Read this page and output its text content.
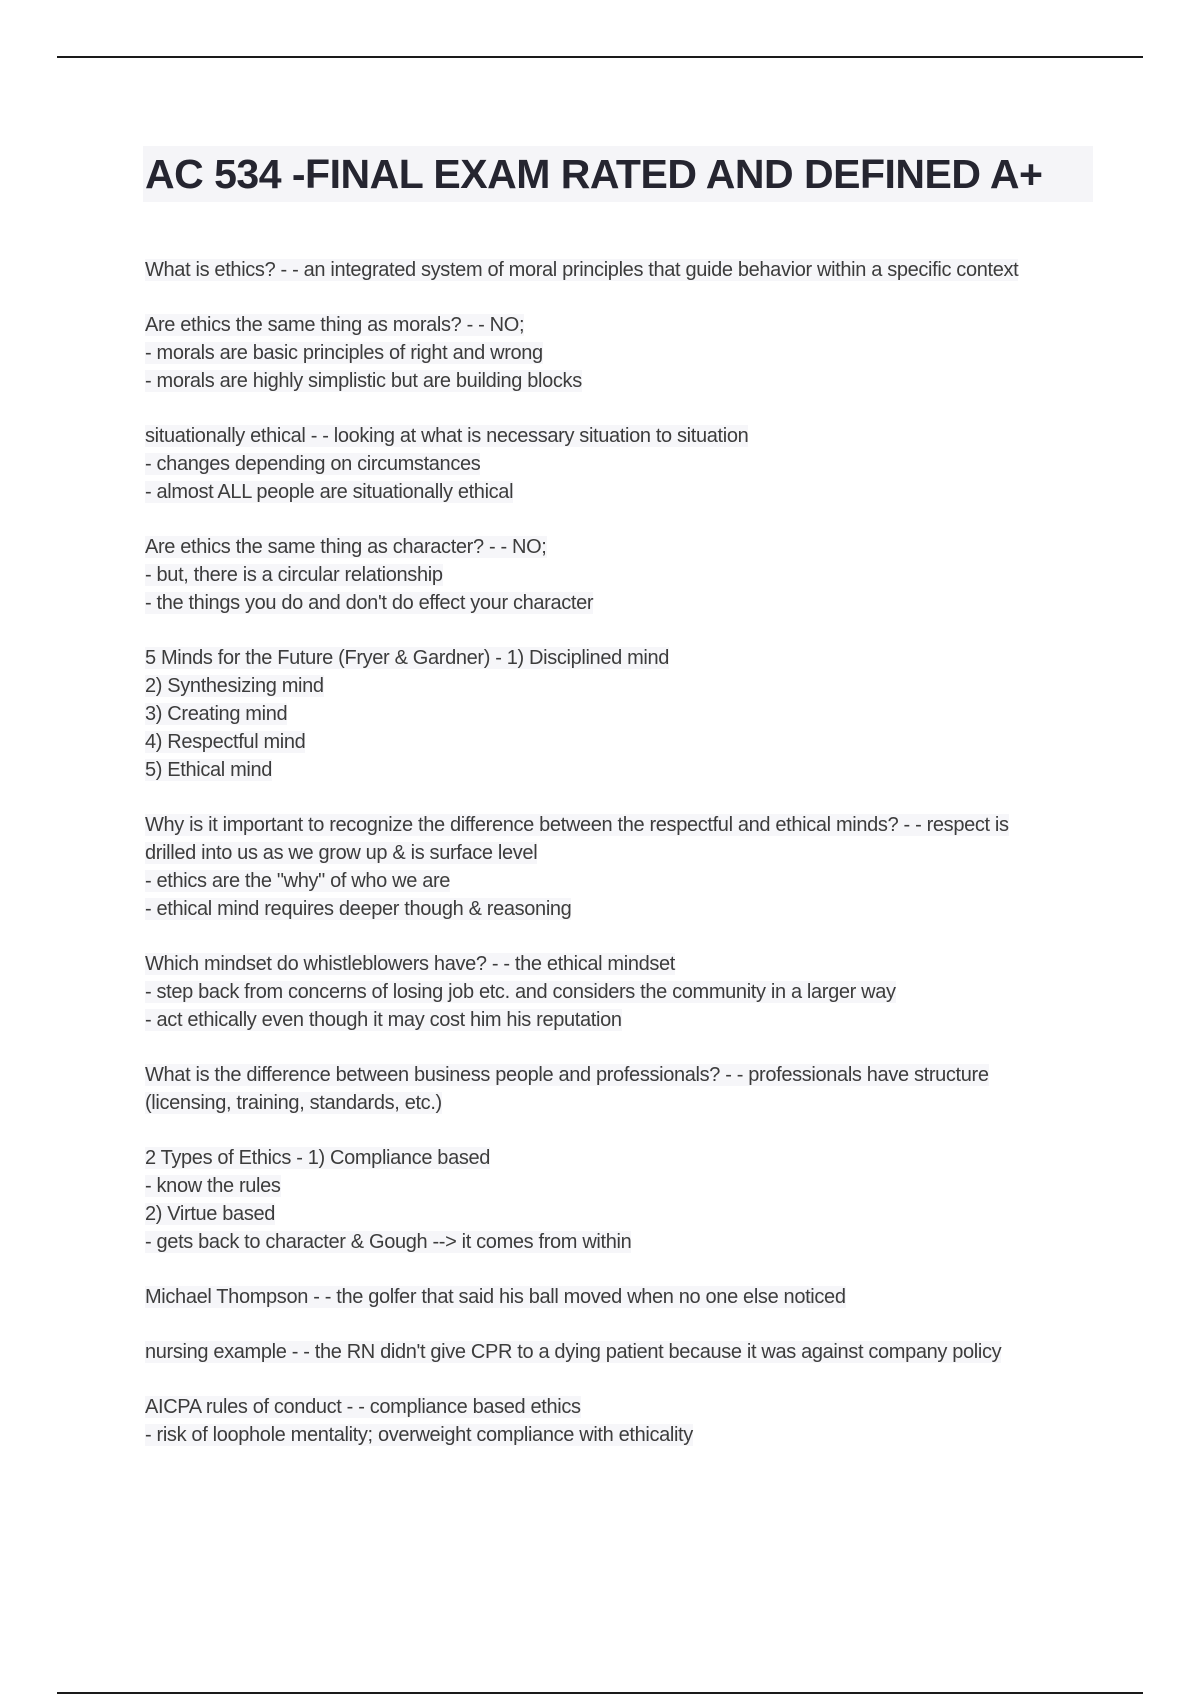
AC 534 -FINAL EXAM RATED AND DEFINED A+
What is ethics? - - an integrated system of moral principles that guide behavior within a specific context
Are ethics the same thing as morals? - - NO;
- morals are basic principles of right and wrong
- morals are highly simplistic but are building blocks
situationally ethical - - looking at what is necessary situation to situation
- changes depending on circumstances
- almost ALL people are situationally ethical
Are ethics the same thing as character? - - NO;
- but, there is a circular relationship
- the things you do and don't do effect your character
5 Minds for the Future (Fryer & Gardner) - 1) Disciplined mind
2) Synthesizing mind
3) Creating mind
4) Respectful mind
5) Ethical mind
Why is it important to recognize the difference between the respectful and ethical minds? - - respect is
drilled into us as we grow up & is surface level
- ethics are the "why" of who we are
- ethical mind requires deeper though & reasoning
Which mindset do whistleblowers have? - - the ethical mindset
- step back from concerns of losing job etc. and considers the community in a larger way
- act ethically even though it may cost him his reputation
What is the difference between business people and professionals? - - professionals have structure
(licensing, training, standards, etc.)
2 Types of Ethics - 1) Compliance based
- know the rules
2) Virtue based
- gets back to character & Gough --> it comes from within
Michael Thompson - - the golfer that said his ball moved when no one else noticed
nursing example - - the RN didn't give CPR to a dying patient because it was against company policy
AICPA rules of conduct - - compliance based ethics
- risk of loophole mentality; overweight compliance with ethicality
